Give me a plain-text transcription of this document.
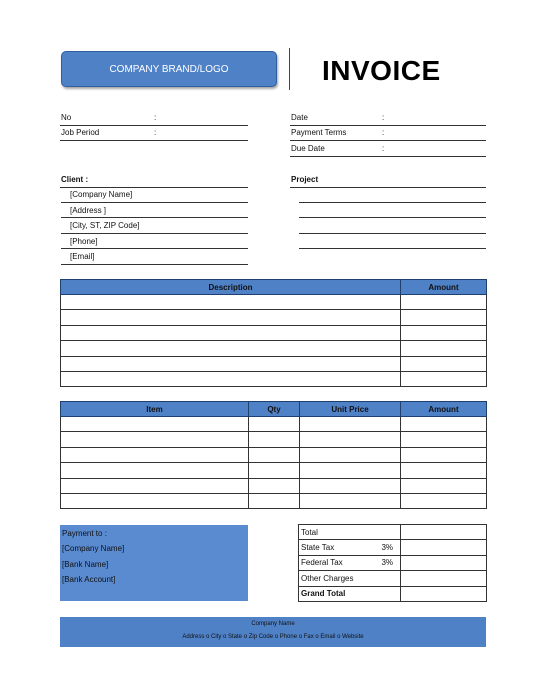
COMPANY BRAND/LOGO	INVOICE
No	:
Job Period	:
Date	:
Payment Terms	:
Due Date	:
Client :
[Company Name]
[Address ]
[City, ST, ZIP Code]
[Phone]
[Email]
Project
Description	Amount

Item	Qty	Unit Price	Amount

Payment to :
[Company Name]
[Bank Name]
[Bank Account]
Total	
State Tax 3%	

Federal Tax 3%	

Other Charges	
Grand Total	
Company Name
Address o City o State o Zip Code o Phone o Fax o Email o Website
